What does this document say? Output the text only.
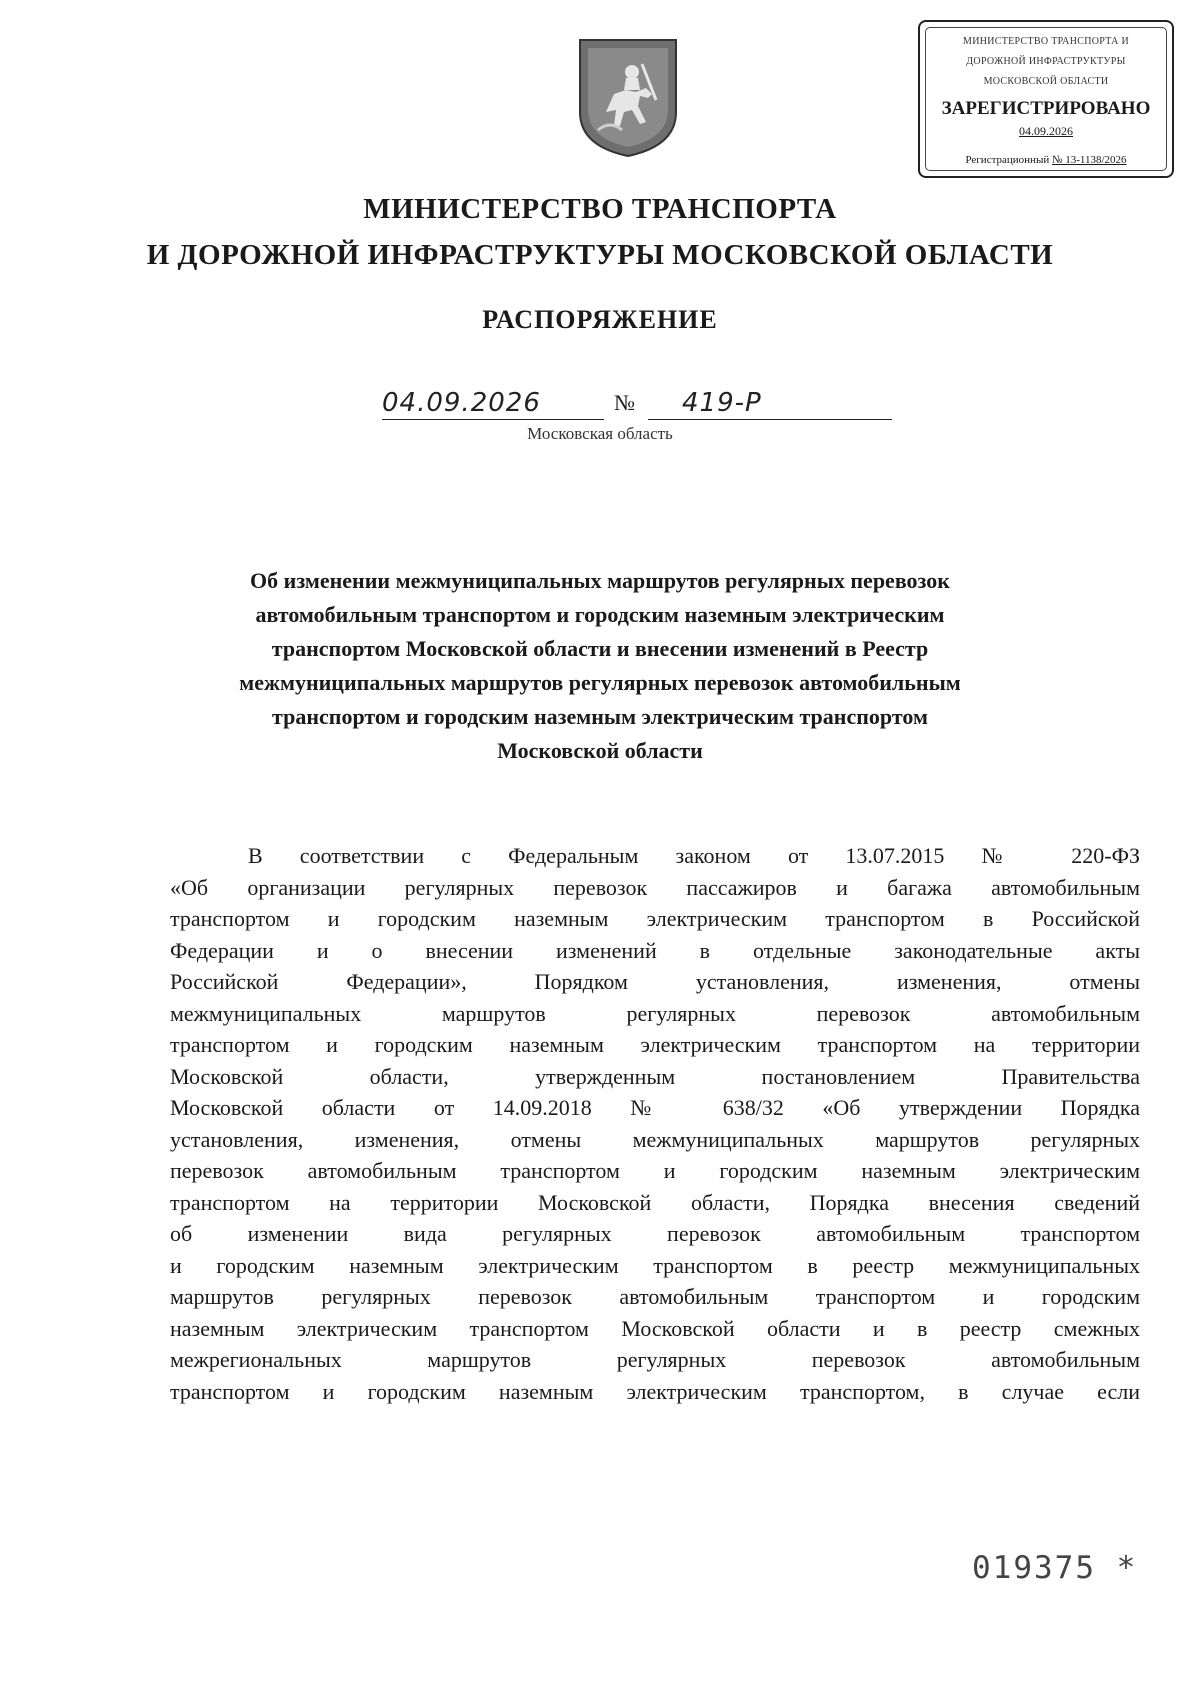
МИНИСТЕРСТВО ТРАНСПОРТА И
ДОРОЖНОЙ ИНФРАСТРУКТУРЫ
МОСКОВСКОЙ ОБЛАСТИ
ЗАРЕГИСТРИРОВАНО
04.09.2026
Регистрационный № 13-1138/2026
МИНИСТЕРСТВО ТРАНСПОРТА
И ДОРОЖНОЙ ИНФРАСТРУКТУРЫ МОСКОВСКОЙ ОБЛАСТИ
РАСПОРЯЖЕНИЕ
04.09.2026	№ 419-Р
Московская область
Об изменении межмуниципальных маршрутов регулярных перевозок
автомобильным транспортом и городским наземным электрическим
транспортом Московской области и внесении изменений в Реестр
межмуниципальных маршрутов регулярных перевозок автомобильным
транспортом и городским наземным электрическим транспортом
Московской области
В соответствии с Федеральным законом от 13.07.2015 № 220-ФЗ
«Об организации регулярных перевозок пассажиров и багажа автомобильным
транспортом и городским наземным электрическим транспортом в Российской
Федерации и о внесении изменений в отдельные законодательные акты
Российской Федерации», Порядком установления, изменения, отмены
межмуниципальных маршрутов регулярных перевозок автомобильным
транспортом и городским наземным электрическим транспортом на территории
Московской области, утвержденным постановлением Правительства
Московской области от 14.09.2018 № 638/32 «Об утверждении Порядка
установления, изменения, отмены межмуниципальных маршрутов регулярных
перевозок автомобильным транспортом и городским наземным электрическим
транспортом на территории Московской области, Порядка внесения сведений
об изменении вида регулярных перевозок автомобильным транспортом
и городским наземным электрическим транспортом в реестр межмуниципальных
маршрутов регулярных перевозок автомобильным транспортом и городским
наземным электрическим транспортом Московской области и в реестр смежных
межрегиональных маршрутов регулярных перевозок автомобильным
транспортом и городским наземным электрическим транспортом, в случае если
019375 *
